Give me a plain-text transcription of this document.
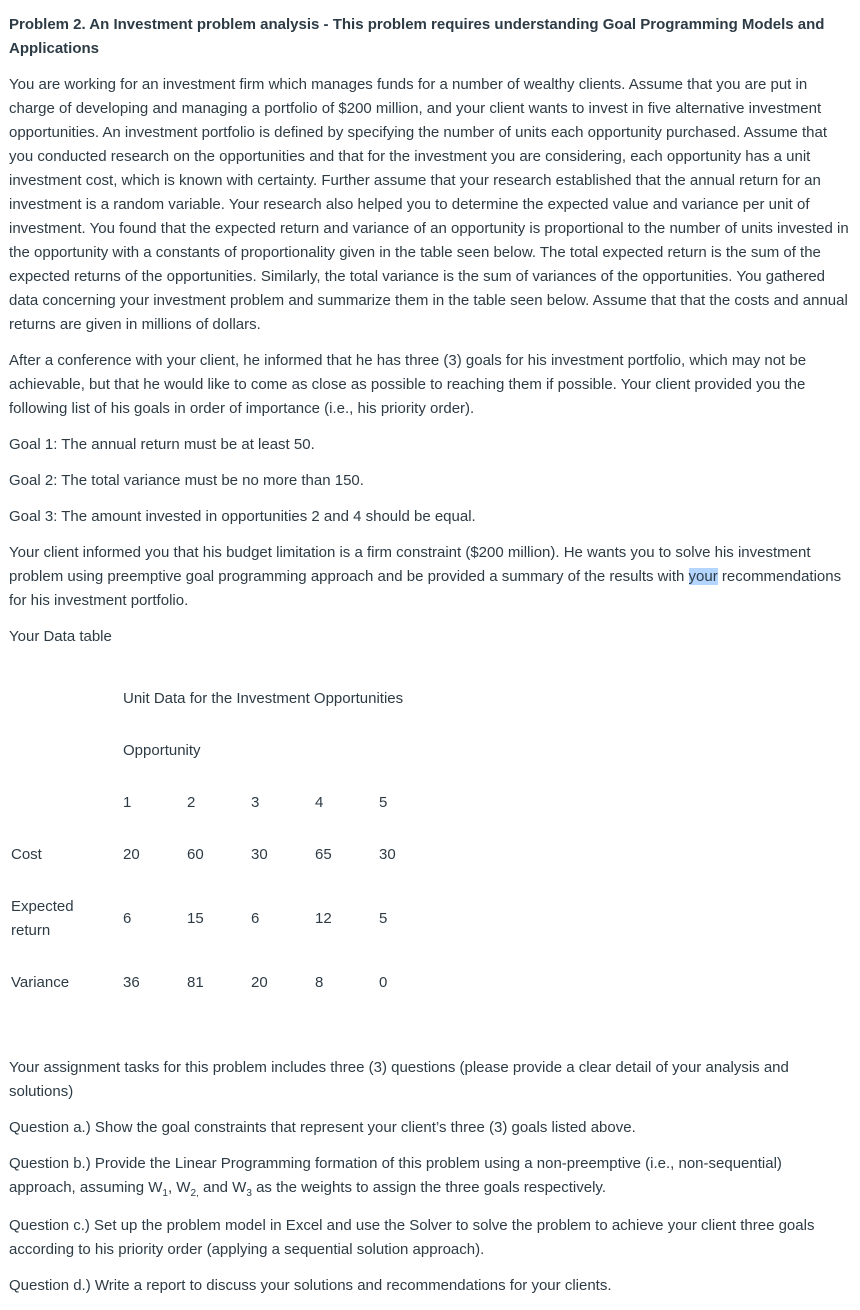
Problem 2. An Investment problem analysis - This problem requires understanding Goal Programming Models and Applications

You are working for an investment firm which manages funds for a number of wealthy clients. Assume that you are put in charge of developing and managing a portfolio of $200 million, and your client wants to invest in five alternative investment opportunities. An investment portfolio is defined by specifying the number of units each opportunity purchased. Assume that you conducted research on the opportunities and that for the investment you are considering, each opportunity has a unit investment cost, which is known with certainty. Further assume that your research established that the annual return for an investment is a random variable. Your research also helped you to determine the expected value and variance per unit of investment. You found that the expected return and variance of an opportunity is proportional to the number of units invested in the opportunity with a constants of proportionality given in the table seen below. The total expected return is the sum of the expected returns of the opportunities. Similarly, the total variance is the sum of variances of the opportunities. You gathered data concerning your investment problem and summarize them in the table seen below. Assume that that the costs and annual returns are given in millions of dollars.

After a conference with your client, he informed that he has three (3) goals for his investment portfolio, which may not be achievable, but that he would like to come as close as possible to reaching them if possible. Your client provided you the following list of his goals in order of importance (i.e., his priority order).

Goal 1: The annual return must be at least 50.

Goal 2: The total variance must be no more than 150.

Goal 3: The amount invested in opportunities 2 and 4 should be equal.

Your client informed you that his budget limitation is a firm constraint ($200 million). He wants you to solve his investment problem using preemptive goal programming approach and be provided a summary of the results with your recommendations for his investment portfolio.

Your Data table

Unit Data for the Investment Opportunities
Opportunity
1	2	3	4	5
Cost	20	60	30	65	30
Expected
return
6	15	6	12	5
Variance	36	81	20	8	0

Your assignment tasks for this problem includes three (3) questions (please provide a clear detail of your analysis and solutions)

Question a.) Show the goal constraints that represent your client’s three (3) goals listed above.

Question b.) Provide the Linear Programming formation of this problem using a non-preemptive (i.e., non-sequential) approach, assuming $W_1$, $W_{2,}$ and $W_3$ as the weights to assign the three goals respectively.

Question c.) Set up the problem model in Excel and use the Solver to solve the problem to achieve your client three goals according to his priority order (applying a sequential solution approach).

Question d.) Write a report to discuss your solutions and recommendations for your clients.
